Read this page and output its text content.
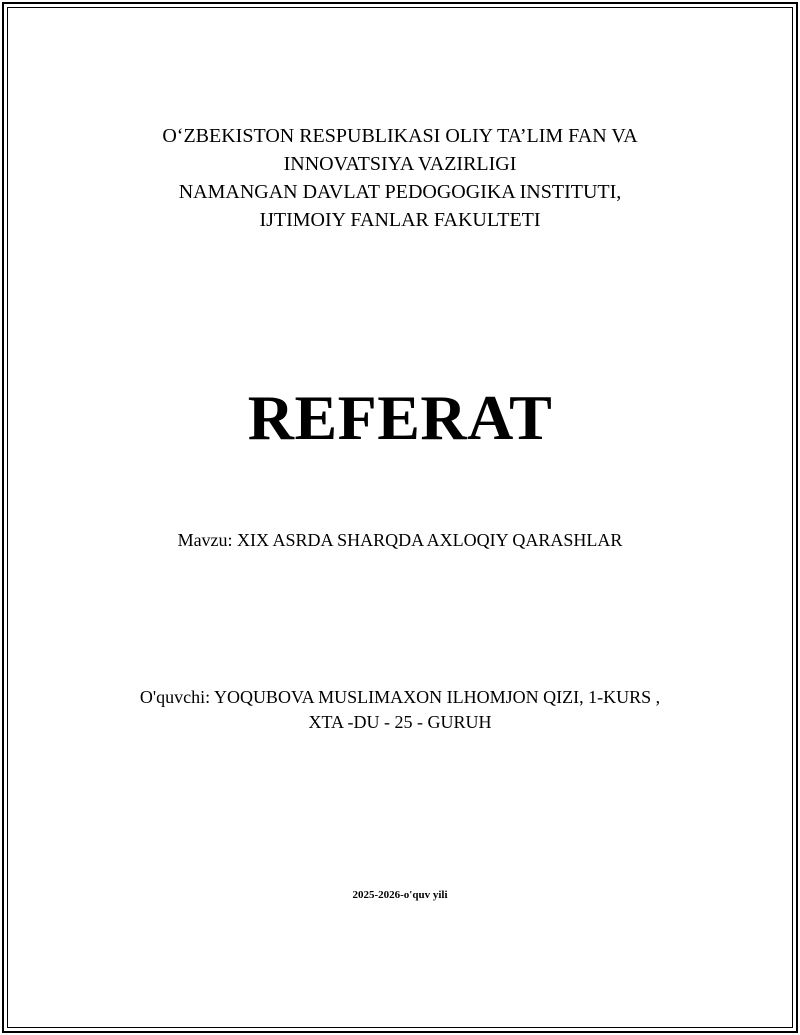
O‘ZBEKISTON RESPUBLIKASI OLIY TA’LIM FAN VA
INNOVATSIYA VAZIRLIGI
NAMANGAN DAVLAT PEDOGOGIKA INSTITUTI,
IJTIMOIY FANLAR FAKULTETI
REFERAT
Mavzu: XIX ASRDA SHARQDA AXLOQIY QARASHLAR
O'quvchi: YOQUBOVA MUSLIMAXON ILHOMJON QIZI, 1-KURS ,
XTA -DU - 25 - GURUH
2025-2026-o'quv yili
